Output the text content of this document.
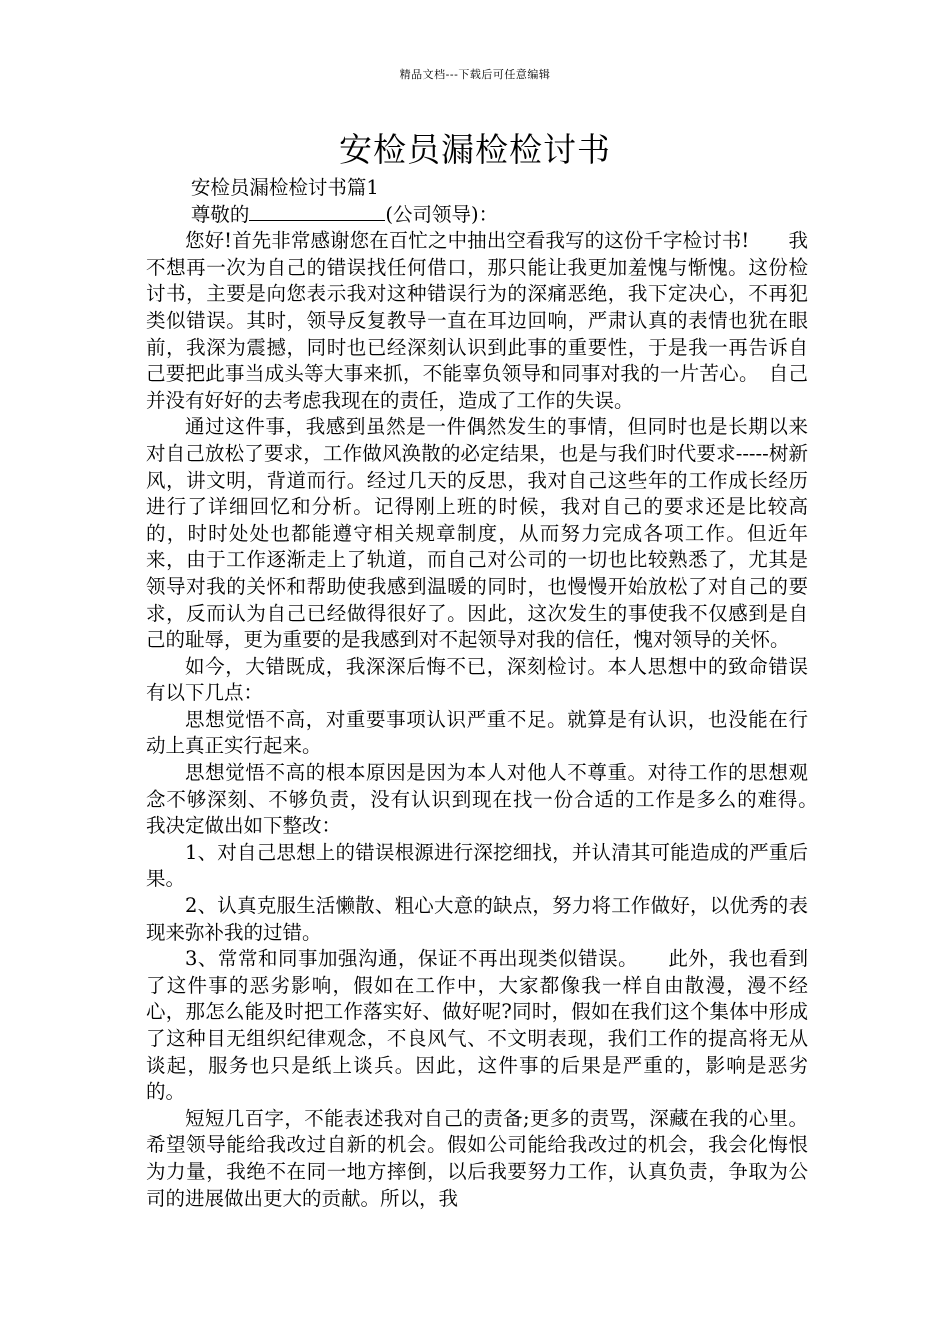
精品文档---下载后可任意编辑
安检员漏检检讨书

安检员漏检检讨书篇1

尊敬的	(公司领导)：

您好!首先非常感谢您在百忙之中抽出空看我写的这份千字检讨书!　　我不想再一次为自己的错误找任何借口，那只能让我更加羞愧与惭愧。这份检讨书，主要是向您表示我对这种错误行为的深痛恶绝，我下定决心，不再犯类似错误。其时，领导反复教导一直在耳边回响，严肃认真的表情也犹在眼前，我深为震撼，同时也已经深刻认识到此事的重要性，于是我一再告诉自己要把此事当成头等大事来抓，不能辜负领导和同事对我的一片苦心。　自己并没有好好的去考虑我现在的责任，造成了工作的失误。

通过这件事，我感到虽然是一件偶然发生的事情，但同时也是长期以来对自己放松了要求，工作做风涣散的必定结果，也是与我们时代要求-----树新风，讲文明，背道而行。经过几天的反思，我对自己这些年的工作成长经历进行了详细回忆和分析。记得刚上班的时候，我对自己的要求还是比较高的，时时处处也都能遵守相关规章制度，从而努力完成各项工作。但近年来，由于工作逐渐走上了轨道，而自己对公司的一切也比较熟悉了，尤其是领导对我的关怀和帮助使我感到温暖的同时，也慢慢开始放松了对自己的要求，反而认为自己已经做得很好了。因此，这次发生的事使我不仅感到是自己的耻辱，更为重要的是我感到对不起领导对我的信任，愧对领导的关怀。

如今，大错既成，我深深后悔不已，深刻检讨。本人思想中的致命错误有以下几点：

思想觉悟不高，对重要事项认识严重不足。就算是有认识，也没能在行动上真正实行起来。

思想觉悟不高的根本原因是因为本人对他人不尊重。对待工作的思想观念不够深刻、不够负责，没有认识到现在找一份合适的工作是多么的难得。　　我决定做出如下整改：

1、对自己思想上的错误根源进行深挖细找，并认清其可能造成的严重后果。

2、认真克服生活懒散、粗心大意的缺点，努力将工作做好，以优秀的表现来弥补我的过错。

3、常常和同事加强沟通，保证不再出现类似错误。　　此外，我也看到了这件事的恶劣影响，假如在工作中，大家都像我一样自由散漫，漫不经心，那怎么能及时把工作落实好、做好呢?同时，假如在我们这个集体中形成了这种目无组织纪律观念，不良风气、不文明表现，我们工作的提高将无从谈起，服务也只是纸上谈兵。因此，这件事的后果是严重的，影响是恶劣的。

短短几百字，不能表述我对自己的责备;更多的责骂，深藏在我的心里。希望领导能给我改过自新的机会。假如公司能给我改过的机会，我会化悔恨为力量，我绝不在同一地方摔倒，以后我要努力工作，认真负责，争取为公司的进展做出更大的贡献。所以，我
